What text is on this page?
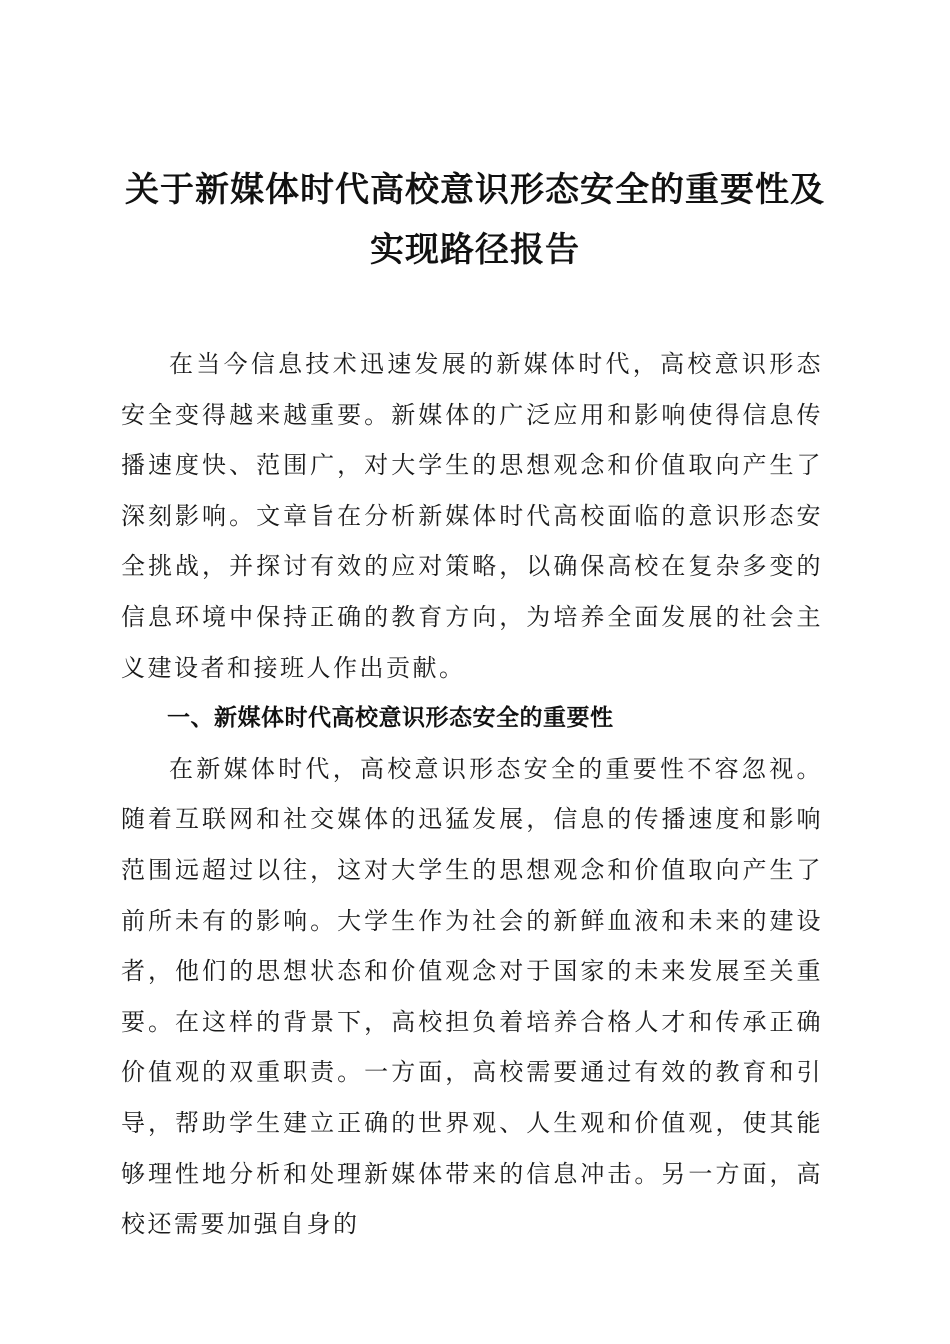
关于新媒体时代高校意识形态安全的重要性及
实现路径报告

在当今信息技术迅速发展的新媒体时代，高校意识形态安全变得越来越重要。新媒体的广泛应用和影响使得信息传播速度快、范围广，对大学生的思想观念和价值取向产生了深刻影响。文章旨在分析新媒体时代高校面临的意识形态安全挑战，并探讨有效的应对策略，以确保高校在复杂多变的信息环境中保持正确的教育方向，为培养全面发展的社会主义建设者和接班人作出贡献。

一、新媒体时代高校意识形态安全的重要性

在新媒体时代，高校意识形态安全的重要性不容忽视。随着互联网和社交媒体的迅猛发展，信息的传播速度和影响范围远超过以往，这对大学生的思想观念和价值取向产生了前所未有的影响。大学生作为社会的新鲜血液和未来的建设者，他们的思想状态和价值观念对于国家的未来发展至关重要。在这样的背景下，高校担负着培养合格人才和传承正确价值观的双重职责。一方面，高校需要通过有效的教育和引导，帮助学生建立正确的世界观、人生观和价值观，使其能够理性地分析和处理新媒体带来的信息冲击。另一方面，高校还需要加强自身的
